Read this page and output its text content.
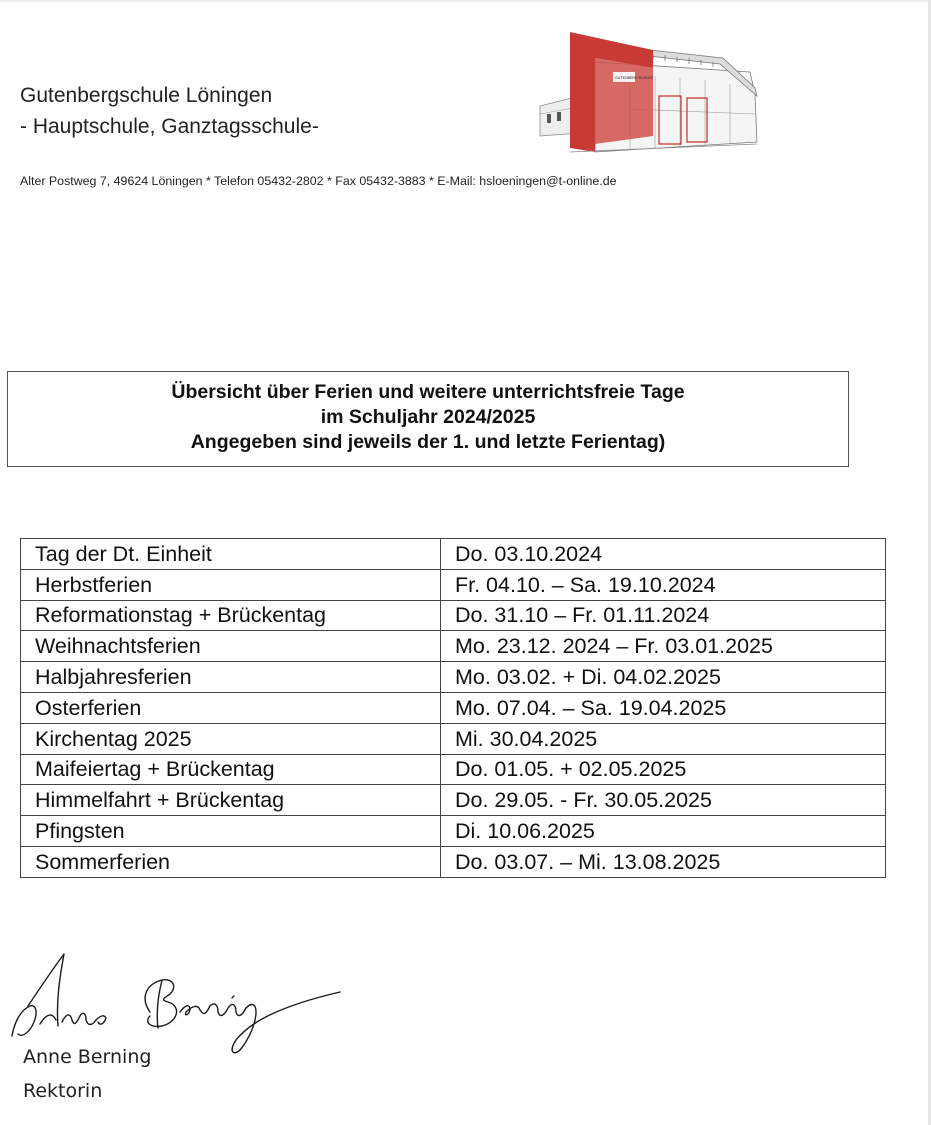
Gutenbergschule Löningen
- Hauptschule, Ganztagsschule-
GUTENBERG SCHULE
Alter Postweg 7, 49624 Löningen * Telefon 05432-2802 * Fax 05432-3883 * E-Mail: hsloeningen@t-online.de
Übersicht über Ferien und weitere unterrichtsfreie Tage
im Schuljahr 2024/2025
Angegeben sind jeweils der 1. und letzte Ferientag)
Tag der Dt. Einheit	Do. 03.10.2024
Herbstferien	Fr. 04.10. – Sa. 19.10.2024
Reformationstag + Brückentag	Do. 31.10 – Fr. 01.11.2024
Weihnachtsferien	Mo. 23.12. 2024 – Fr. 03.01.2025
Halbjahresferien	Mo. 03.02. + Di. 04.02.2025
Osterferien	Mo. 07.04. – Sa. 19.04.2025
Kirchentag 2025	Mi. 30.04.2025
Maifeiertag + Brückentag	Do. 01.05. + 02.05.2025
Himmelfahrt + Brückentag	Do. 29.05. - Fr. 30.05.2025
Pfingsten	Di. 10.06.2025
Sommerferien	Do. 03.07. – Mi. 13.08.2025
Anne Berning
Rektorin
